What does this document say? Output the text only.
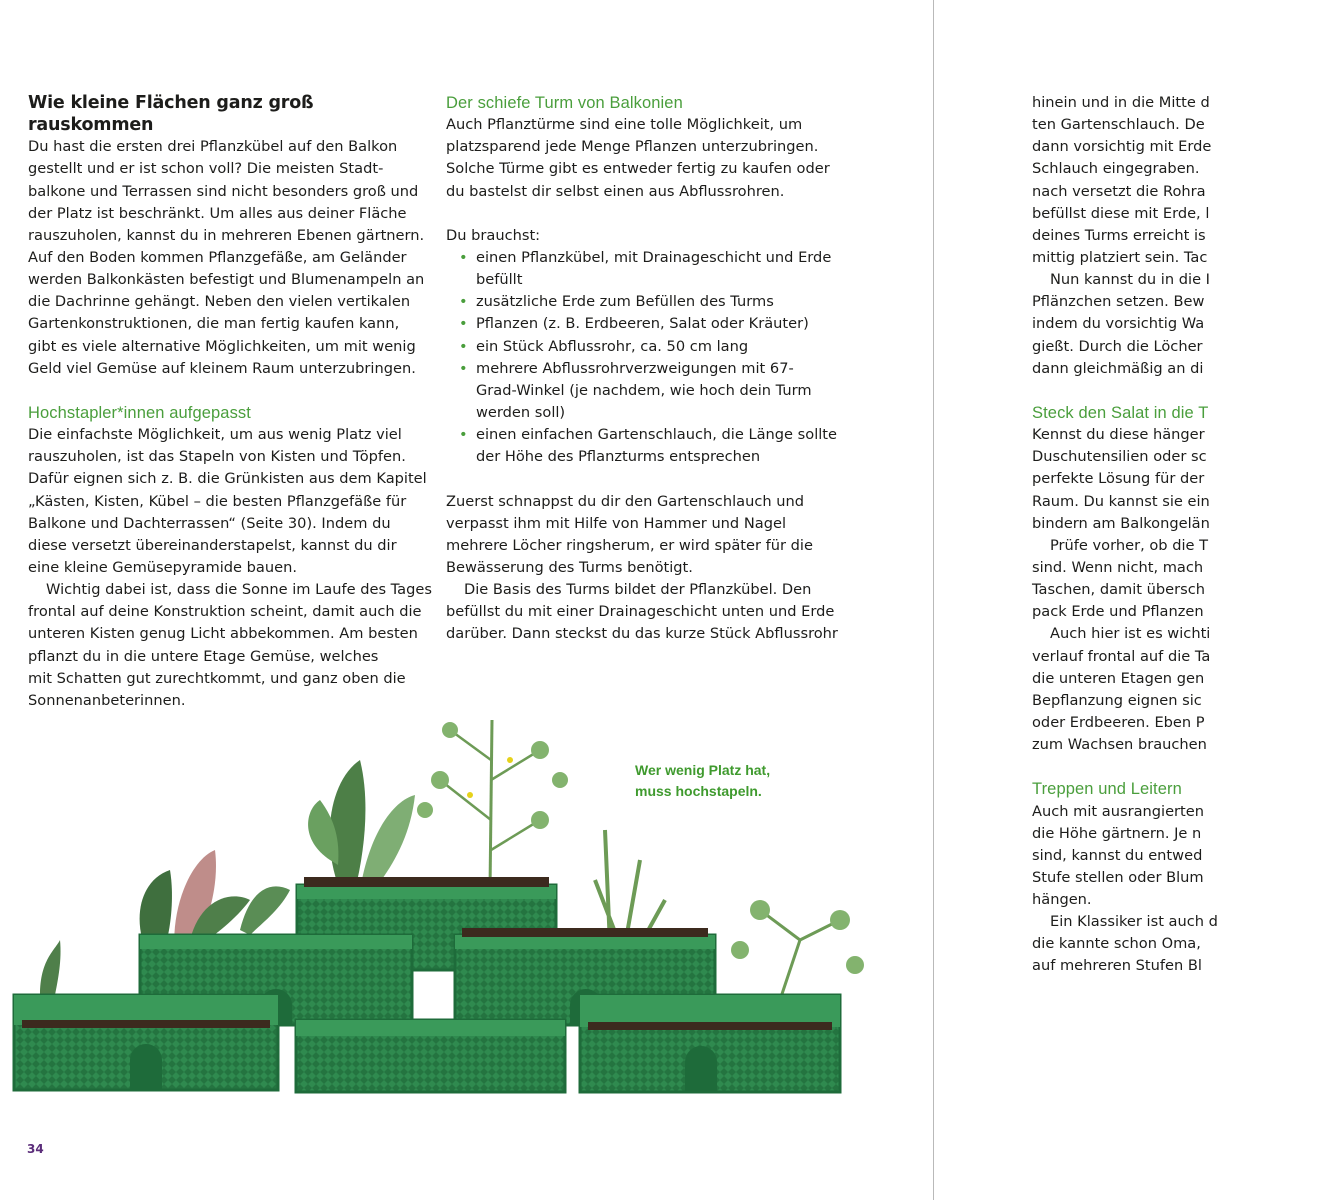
Wie kleine Flächen ganz groß
rauskommen
Du hast die ersten drei Pflanzkübel auf den Balkon
gestellt und er ist schon voll? Die meisten Stadt-
balkone und Terrassen sind nicht besonders groß und
der Platz ist beschränkt. Um alles aus deiner Fläche
rauszuholen, kannst du in mehreren Ebenen gärtnern.
Auf den Boden kommen Pflanzgefäße, am Geländer
werden Balkonkästen befestigt und Blumenampeln an
die Dachrinne gehängt. Neben den vielen vertikalen
Gartenkonstruktionen, die man fertig kaufen kann,
gibt es viele alternative Möglichkeiten, um mit wenig
Geld viel Gemüse auf kleinem Raum unterzubringen.
Hochstapler*innen aufgepasst
Die einfachste Möglichkeit, um aus wenig Platz viel
rauszuholen, ist das Stapeln von Kisten und Töpfen.
Dafür eignen sich z. B. die Grünkisten aus dem Kapitel
„Kästen, Kisten, Kübel – die besten Pflanzgefäße für
Balkone und Dachterrassen“ (Seite 30). Indem du
diese versetzt übereinanderstapelst, kannst du dir
eine kleine Gemüsepyramide bauen.
Wichtig dabei ist, dass die Sonne im Laufe des Tages
frontal auf deine Konstruktion scheint, damit auch die
unteren Kisten genug Licht abbekommen. Am besten
pflanzt du in die untere Etage Gemüse, welches
mit Schatten gut zurechtkommt, und ganz oben die
Sonnenanbeterinnen.
Der schiefe Turm von Balkonien
Auch Pflanztürme sind eine tolle Möglichkeit, um
platzsparend jede Menge Pflanzen unterzubringen.
Solche Türme gibt es entweder fertig zu kaufen oder
du bastelst dir selbst einen aus Abflussrohren.
Du brauchst:
• einen Pflanzkübel, mit Drainageschicht und Erde
befüllt
• zusätzliche Erde zum Befüllen des Turms
• Pflanzen (z. B. Erdbeeren, Salat oder Kräuter)
• ein Stück Abflussrohr, ca. 50 cm lang
• mehrere Abflussrohrverzweigungen mit 67-
Grad-Winkel (je nachdem, wie hoch dein Turm
werden soll)
• einen einfachen Gartenschlauch, die Länge sollte
der Höhe des Pflanzturms entsprechen
Zuerst schnappst du dir den Gartenschlauch und
verpasst ihm mit Hilfe von Hammer und Nagel
mehrere Löcher ringsherum, er wird später für die
Bewässerung des Turms benötigt.
Die Basis des Turms bildet der Pflanzkübel. Den
befüllst du mit einer Drainageschicht unten und Erde
darüber. Dann steckst du das kurze Stück Abflussrohr
hinein und in die Mitte d
ten Gartenschlauch. De
dann vorsichtig mit Erde
Schlauch eingegraben.
nach versetzt die Rohra
befüllst diese mit Erde, l
deines Turms erreicht is
mittig platziert sein. Tac
Nun kannst du in die I
Pflänzchen setzen. Bew
indem du vorsichtig Wa
gießt. Durch die Löcher
dann gleichmäßig an di
Steck den Salat in die T
Kennst du diese hänger
Duschutensilien oder sc
perfekte Lösung für der
Raum. Du kannst sie ein
bindern am Balkongelän
Prüfe vorher, ob die T
sind. Wenn nicht, mach
Taschen, damit übersch
pack Erde und Pflanzen
Auch hier ist es wichti
verlauf frontal auf die Ta
die unteren Etagen gen
Bepflanzung eignen sic
oder Erdbeeren. Eben P
zum Wachsen brauchen
Treppen und Leitern
Auch mit ausrangierten
die Höhe gärtnern. Je n
sind, kannst du entwed
Stufe stellen oder Blum
hängen.
Ein Klassiker ist auch d
die kannte schon Oma,
auf mehreren Stufen Bl
Wer wenig Platz hat,
muss hochstapeln.
34
